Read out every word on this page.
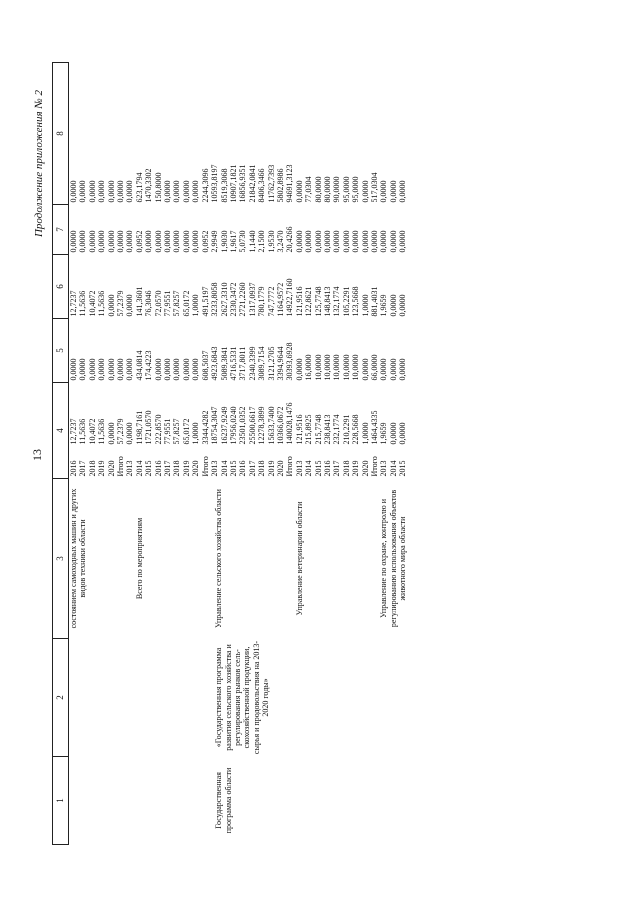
13
Продолжение приложения № 2
1	2	3	4		5	6	7	8
		состоянием самоходных машин и других видов техники области	2016	12,7237	0,0000	12,7237	0,0000	0,0000
			2017	11,5636	0,0000	11,5636	0,0000	0,0000
			2018	10,4072	0,0000	10,4072	0,0000	0,0000
			2019	11,5636	0,0000	11,5636	0,0000	0,0000
			2020	0,0000	0,0000	0,0000	0,0000	0,0000
			Итого	57,2379	0,0000	57,2379	0,0000	0,0000
		Всего по мероприятиям	2013	0,0000	0,0000	0,0000	0,0000	0,0000
			2014	1198,7161	434,0814	141,3601	0,0952	623,1794
			2015	1721,0570	174,4223	76,3046	0,0000	1470,3302
			2016	222,8570	0,0000	72,0570	0,0000	150,8000
			2017	77,9551	0,0000	77,9551	0,0000	0,0000
			2018	57,8257	0,0000	57,8257	0,0000	0,0000
			2019	65,0172	0,0000	65,0172	0,0000	0,0000
			2020	1,0000	0,0000	1,0000	0,0000	0,0000
			Итого	3344,4282	608,5037	491,5197	0,0952	2244,3096
Государственная программа области	«Государственная программа развития сельского хозяйства и регулирования рынков сель- скохозяйственной продукции, сырья и продовольствия на 2013-2020 годы»	Управление сельского хозяйства области	2013	18754,3047	4923,6843	3233,8058	2,9949	10593,8197
			2014	16237,9249	5089,3841	2627,3310	1,9030	8519,3068
			2015	17956,0240	4716,5331	2330,3472	1,9617	10907,1821
			2016	23501,0352	3717,8011	2721,2260	5,0730	16856,9351
			2017	25500,6617	2340,3399	1317,0937	1,1440	21842,0841
			2018	12278,3899	3089,7154	780,1779	2,1500	8406,3466
			2019	15633,7400	3121,2705	747,7772	1,9530	11762,7393
			2020	10366,0672	3394,9644	1164,9572	3,2470	5802,8986
			Итого	140028,1476	30393,6928	14922,7160	20,4266	94691,3123
		Управление ветеринарии области	2013	121,9516	0,0000	121,9516	0,0000	0,0000
			2014	215,8925	16,0000	122,8621	0,0000	77,0304
			2015	215,7748	10,0000	125,7748	0,0000	80,0000
			2016	238,8413	10,0000	148,8413	0,0000	80,0000
			2017	232,1774	10,0000	132,1774	0,0000	90,0000
			2018	210,2291	10,0000	105,2291	0,0000	95,0000
			2019	228,5668	10,0000	123,5668	0,0000	95,0000
			2020	1,0000	0,0000	1,0000	0,0000	0,0000
			Итого	1464,4335	66,0000	881,4031	0,0000	517,0304
		Управление по охране, контролю и регулированию использования объектов животного мира области	2013	1,9659	0,0000	1,9659	0,0000	0,0000
			2014	0,0000	0,0000	0,0000	0,0000	0,0000
			2015	0,0000	0,0000	0,0000	0,0000	0,0000
